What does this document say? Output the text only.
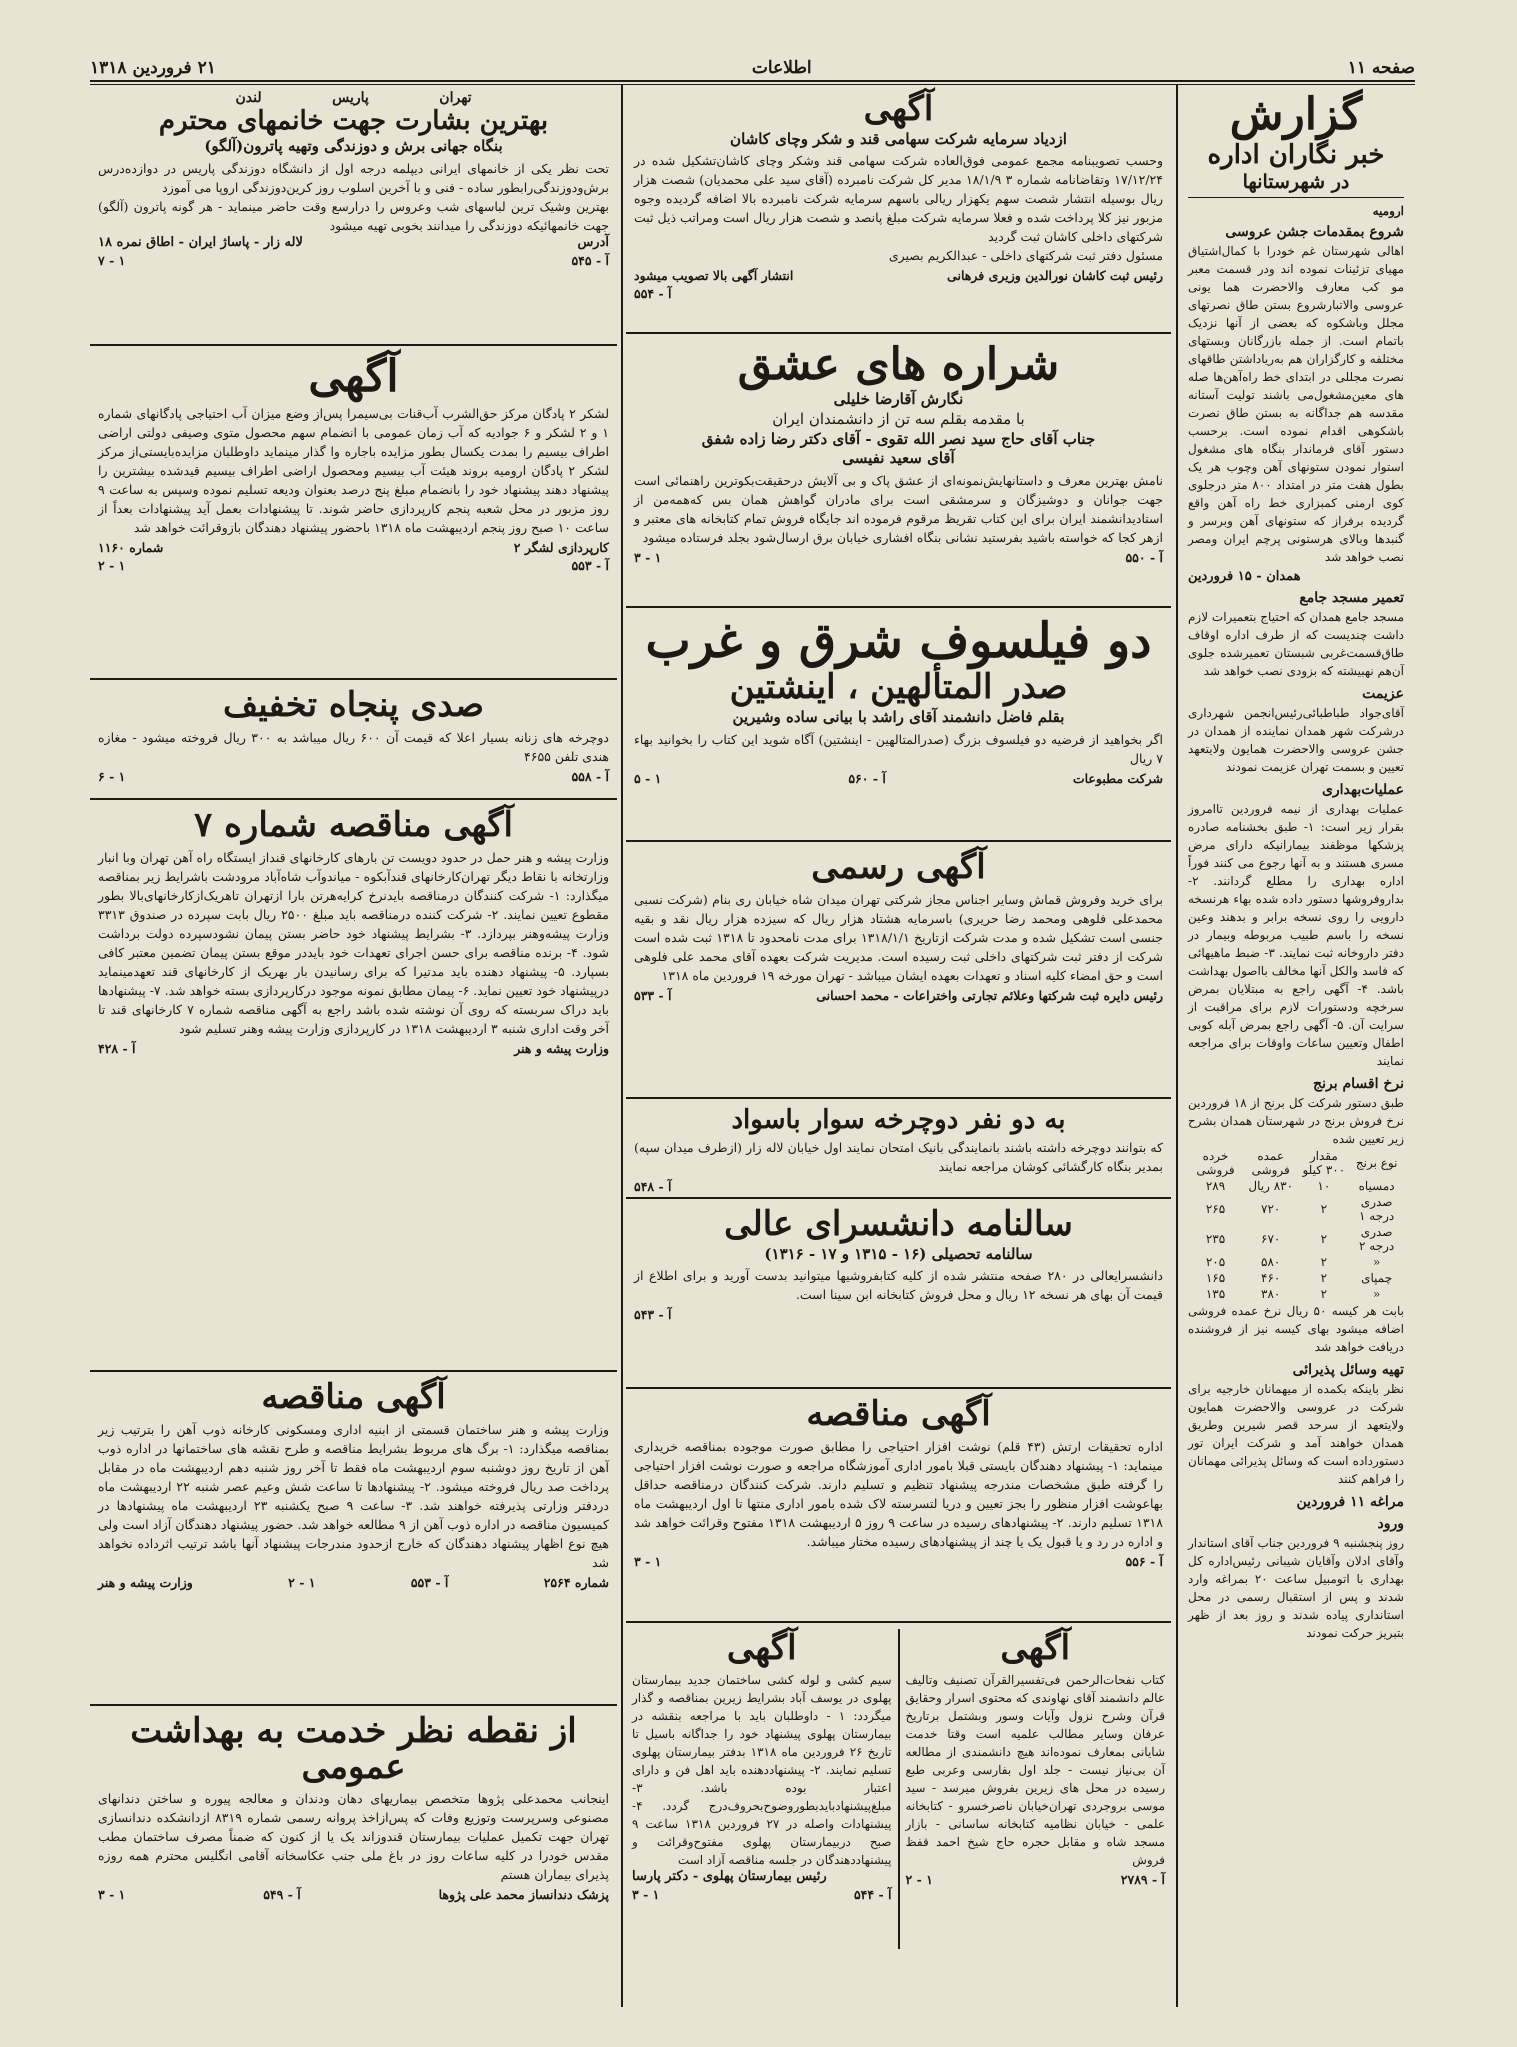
صفحه ۱۱
اطلاعات
۲۱ فروردین ۱۳۱۸
گزارش
خبر نگاران اداره
در شهرستانها
ارومیه
شروع بمقدمات جشن عروسی

اهالی شهرستان غم خودرا با کمال‌اشتیاق مهیای تزئینات نموده اند ودر قسمت معبر مو کب معارف والاحضرت هما یونی عروسی والاتبارشروع بستن طاق نصرتهای مجلل وباشکوه که بعضی از آنها نزدیک باتمام است. از جمله بازرگانان وبستهای مختلفه و کارگزاران هم به‌ریاداشتن طاقهای نصرت مجللی در ابتدای خط راه‌آهن‌ها صله های معین‌مشغول‌می باشند تولیت آستانه مقدسه هم جداگانه به بستن طاق نصرت باشکوهی اقدام نموده است. برحسب دستور آقای فرماندار بنگاه های مشغول استوار نمودن ستونهای آهن وچوب هر یک بطول هفت متر در امتداد ۸۰۰ متر درجلوی کوی ارمنی کمبزاری خط راه آهن واقع گردیده برفراز که ستونهای آهن وبرسر و گنبدها وبالای هرستونی پرچم ایران ومصر نصب خواهد شد

همدان - ۱۵ فروردین
تعمیر مسجد جامع

مسجد جامع همدان که احتیاج بتعمیرات لازم داشت چندیست که از طرف اداره اوقاف طاق‌قسمت‌غربی شبستان تعمیرشده جلوی آن‌هم نهبیشته که بزودی نصب خواهد شد

عزیمت

آقای‌جواد طباطبائی‌رئیس‌انجمن شهرداری درشرکت شهر همدان نماینده از همدان در جشن عروسی والاحضرت همایون ولایتعهد تعیین و بسمت تهران عزیمت نمودند

عملیات‌بهداری

عملیات بهداری از نیمه فروردین تاامروز بقرار زیر است: ۱- طبق بخشنامه صادره پزشکها موظفند بیمارانیکه دارای مرض مسری هستند و به آنها رجوع می کنند فوراً اداره بهداری را مطلع گردانند. ۲- بداروفروشها دستور داده شده بهاء هرنسخه دارویی را روی نسخه برابر و بدهند وعین نسخه را باسم طبیب مربوطه وبیمار در دفتر داروخانه ثبت نمایند. ۳- ضبط ماهیهائی که فاسد والکل آنها مخالف بااصول بهداشت باشد. ۴- آگهی راجع به مبتلایان بمرض سرخچه ودستورات لازم برای مراقبت از سرایت آن. ۵- آگهی راجع بمرض آبله کوبی اطفال وتعیین ساعات واوقات برای مراجعه نمایند

نرخ اقسام برنج

طبق دستور شرکت کل برنج از ۱۸ فروردین نرخ فروش برنج در شهرستان همدان بشرح زیر تعیین شده

نوع برنج	مقدار ۳۰۰ کیلو	عمده فروشی	خرده فروشی
دمسیاه	۱۰	۸۳۰ ریال	۲۸۹
صدری درجه ۱	۲	۷۲۰	۲۶۵
صدری درجه ۲	۲	۶۷۰	۲۳۵
«	۲	۵۸۰	۲۰۵
چمپای	۲	۴۶۰	۱۶۵
«	۲	۳۸۰	۱۳۵

بابت هر کیسه ۵۰ ریال نرخ عمده فروشی اضافه میشود بهای کیسه نیز از فروشنده دریافت خواهد شد

تهیه وسائل پذیرائی

نظر باینکه بکمده از میهمانان خارجیه برای شرکت در عروسی والاحضرت همایون ولایتعهد از سرحد قصر شیرین وطریق همدان خواهند آمد و شرکت ایران تور دستورداده است که وسائل پذیرائی مهمانان را فراهم کنند

مراغه ۱۱ فروردین
ورود

روز پنجشنبه ۹ فروردین جناب آقای استاندار وآقای ادلان وآقایان شیبانی رئیس‌اداره کل بهداری با اتومبیل ساعت ۲۰ بمراغه وارد شدند و پس از استقبال رسمی در محل استانداری پیاده شدند و روز بعد از ظهر بتبریز حرکت نمودند

آگهی
ازدیاد سرمایه شرکت سهامی قند و شکر وچای کاشان

وحسب تصویبنامه مجمع عمومی فوق‌العاده شرکت سهامی قند وشکر وچای کاشان‌تشکیل شده در ۱۷/۱۲/۲۴ وتقاضانامه شماره ۳ ۱۸/۱/۹ مدیر کل شرکت نامبرده (آقای سید علی محمدیان) شصت هزار ریال بوسیله انتشار شصت سهم یکهزار ریالی باسهم سرمایه شرکت نامبرده بالا اضافه گردیده وجوه مزبور نیز کلا پرداخت شده و فعلا سرمایه شرکت مبلغ پانصد و شصت هزار ریال است ومراتب ذیل ثبت شرکتهای داخلی کاشان ثبت گردید

مسئول دفتر ثبت شرکتهای داخلی - عبدالکریم بصیری

رئیس ثبت کاشان نورالدین وزیری فرهانی
انتشار آگهی بالا تصویب میشود
آ - ۵۵۴
شراره های عشق
نگارش آقارضا خلیلی
با مقدمه بقلم سه تن از دانشمندان ایران
جناب آقای حاج سید نصر الله تقوی - آقای دکتر رضا زاده شفق
آقای سعید نفیسی

نامش بهترین معرف و داستانهایش‌نمونه‌ای از عشق پاک و بی آلایش درحقیقت‌بکوترین راهنمائی است جهت جوانان و دوشیزگان و سرمشقی است برای مادران گواهش همان بس که‌همه‌من از استادیدانشمند ایران برای این کتاب تقریظ مرقوم فرموده اند جا‌یگاه فروش تمام کتابخانه های معتبر و ازهر کجا که خواسته باشید بفرستید نشانی بنگاه افشاری خیابان برق ارسال‌شود بجلد فرستاده میشود

آ - ۵۵۰
۱ - ۳
دو فیلسوف شرق و غرب
صدر المتألهین ، اینشتین
بقلم فاضل دانشمند آقای راشد با بیانی ساده وشیرین

اگر بخواهید از فرضیه دو فیلسوف بزرگ (صدرالمتالهین - اینشتین) آگاه شوید این کتاب را بخوانید بهاء ۷ ریال

شرکت مطبوعات
آ - ۵۶۰
۱ - ۵
آگهی رسمی

برای خرید وفروش قماش وسایر اجناس مجاز شرکتی تهران میدان شاه خیابان ری بنام (شرکت نسبی محمدعلی فلوهی ومحمد رضا حریری) باسرمایه هشتاد هزار ریال که سیزده هزار ریال نقد و بقیه جنسی است تشکیل شده و مدت شرکت ازتاریخ ۱۳۱۸/۱/۱ برای مدت نامحدود تا ۱۳۱۸ ثبت شده است شرکت از دفتر ثبت شرکتهای داخلی ثبت رسیده است. مدیریت شرکت بعهده آقای محمد علی فلوهی است و حق امضاء کلیه اسناد و تعهدات بعهده ایشان میباشد - تهران مورخه ۱۹ فروردین ماه ۱۳۱۸

رئیس دایره ثبت شرکتها وعلائم تجارتی واختراعات - محمد احسانی
آ - ۵۳۳
به دو نفر دوچرخه سوار باسواد

که بتوانند دوچرخه داشته باشند بانمایندگی بانیک امتحان نمایند اول خیابان لاله زار (ازطرف میدان سپه) بمدیر بنگاه کارگشائی کوشان مراجعه نمایند

آ - ۵۴۸
سالنامه دانشسرای عالی
سالنامه تحصیلی (۱۶ - ۱۳۱۵ و ۱۷ - ۱۳۱۶)

دانشسرایعالی در ۲۸۰ صفحه منتشر شده از کلیه کتابفروشیها میتوانید بدست آورید و برای اطلاع از قیمت آن بهای هر نسخه ۱۲ ریال و محل فروش کتابخانه ابن سینا است.

آ - ۵۴۳
آگهی مناقصه

اداره تحقیقات ارتش (۴۳ قلم) نوشت افزار احتیاجی را مطابق صورت موجوده بمناقصه خریداری مینماید: ۱- پیشنهاد دهندگان بایستی قبلا بامور اداری آموزشگاه مراجعه و صورت نوشت افزار احتیاجی را گرفته طبق مشخصات مندرجه پیشنهاد تنظیم و تسلیم دارند. شرکت کنندگان درمناقصه حداقل بهاعوشت افزار منظور را بجز تعیین و دریا لتسرسته لاک شده بامور اداری منتها تا اول اردیبهشت ماه ۱۳۱۸ تسلیم دارند. ۲- پیشنهادهای رسیده در ساعت ۹ روز ۵ اردیبهشت ۱۳۱۸ مفتوح وقرائت خواهد شد و اداره در رد و یا قبول یک یا چند از پیشنهادهای رسیده مختار میباشد.

آ - ۵۵۶
۱ - ۳
آگهی

کتاب نفحات‌الرحمن فی‌تفسیرالقرآن تصنیف وتالیف عالم دانشمند آقای نهاوندی که محتوی اسرار وحقایق قرآن وشرح نزول وآیات وسور وبشتمل برتاریخ عرفان وسایر مطالب علمیه است وقتا خدمت شایانی بمعارف نموده‌اند هیچ دانشمندی از مطالعه آن بی‌نیاز نیست - جلد اول بفارسی وعربی طبع رسیده در محل های زیرین بفروش میرسد - سید موسی بروجردی تهران‌خیابان ناصرخسرو - کتابخانه علمی - خیابان نظامیه کتابخانه ساسانی - بازار مسجد شاه و مقابل حجره حاج شیخ احمد قفظ فروش

آ - ۲۷۸۹
۱ - ۲
آگهی

سیم کشی و لوله کشی ساختمان جدید بیمارستان پهلوی در یوسف آباد بشرایط زیرین بمناقصه و گذار میگردد: ۱ - داوطلبان باید با مراجعه بنقشه در بیمارستان پهلوی پیشنهاد خود را جداگانه باسیل تا تاریخ ۲۶ فروردین ماه ۱۳۱۸ بدفتر بیمارستان پهلوی تسلیم نمایند. ۲- پیشنهاددهنده باید اهل فن و دارای اعتبار بوده باشد. ۳- مبلغ‌پیشنهادباید‌بطوروضوح‌بحروف‌درج گردد. ۴- پیشنهادات واصله در ۲۷ فروردین ۱۳۱۸ ساعت ۹ صبح دربیمارستان پهلوی مفتوح‌وقرائت و پیشنهاددهندگان در جلسه مناقصه آزاد است

رئیس بیمارستان پهلوی - دکتر پارسا
آ - ۵۴۴
۱ - ۳
تهران
پاریس
لندن
بهترین بشارت جهت خانمهای محترم
بنگاه جهانی برش و دوزندگی وتهیه پاترون(آلگو)

تحت نظر یکی از خانمهای ایرانی دیپلمه درجه اول از دانشگاه دوزندگی پاریس در دوازده‌درس برش‌ودوزندگی‌را‌بطور ساده - فنی و با آخرین اسلوب روز کرین‌دوزندگی اروپا می آموزد

بهترین وشیک ترین لباسهای شب وعروس را درارسع وقت حاضر مینماید - هر گونه پاترون (آلگو) جهت خانمهائیکه دوزندگی را میدانند بخوبی تهیه میشود

آدرس
لاله زار - پاساژ ایران - اطاق نمره ۱۸
آ - ۵۴۵
۱ - ۷
آگهی

لشکر ۲ پادگان مرکز حق‌الشرب آب‌قنات بی‌سیمرا پس‌از وضع میزان آب احتیاجی پادگانهای شماره ۱ و ۲ لشکر و ۶ جوادیه که آب زمان عمومی با انضمام سهم محصول متوی وصیفی دولتی اراضی اطراف بیسیم را بمدت یکسال بطور مزایده باجاره وا گذار مینماید داوطلبان مزایده‌بایستی‌از مرکز لشکر ۲ پادگان ارومیه بروند هیئت آب بیسیم ومحصول اراضی اطراف بیسیم قیدشده بیشترین را پیشنهاد دهند پیشنهاد خود را بانضمام مبلغ پنج درصد بعنوان ودیعه تسلیم نموده وسپس به ساعت ۹ روز مزبور در محل شعبه پنجم کارپردازی حاضر شوند. تا پیشنهادات بعمل آید پیشنهادات بعداً از ساعت ۱۰ صبح روز پنجم اردیبهشت ماه ۱۳۱۸ باحضور پیشنهاد دهندگان بازوقرائت خواهد شد

کارپردازی لشگر ۲
شماره ۱۱۶۰
آ - ۵۵۳
۱ - ۲
صدی پنجاه تخفیف

دوچرخه های زنانه بسیار اعلا که قیمت آن ۶۰۰ ریال میباشد به ۳۰۰ ریال فروخته میشود - مغازه هندی تلفن ۴۶۵۵

آ - ۵۵۸
۱ - ۶
آگهی مناقصه شماره ۷

وزارت پیشه و هنر حمل در حدود دویست تن بارهای کارخانهای قنداز ایستگاه راه آهن تهران وبا انبار وزارتخانه با نقاط دیگر تهران‌کارخانهای قند‌آبکوه - میاندوآب شاه‌آباد مرودشت باشرایط زیر بمناقصه میگذارد: ۱- شرکت کنندگان درمناقصه بایدنرخ کرایه‌هرتن بارا ازتهران تاهریک‌ازکارخانهای‌بالا بطور مقطوع تعیین نمایند. ۲- شرکت کننده درمناقصه باید مبلغ ۲۵۰۰ ریال بابت سپرده در صندوق ۳۳۱۳ وزارت پیشه‌وهنر بپردازد. ۳- بشرایط پیشنهاد خود حاضر بستن پیمان نشودسپرده دولت برداشت شود. ۴- برنده مناقصه برای حسن اجرای تعهدات خود بایددر موقع بستن پیمان تضمین معتبر کافی بسپارد. ۵- پیشنهاد دهنده باید مدتیرا که برای رسانیدن بار بهریک از کارخانهای قند تعهدمینماید درپیشنهاد خود تعیین نماید. ۶- پیمان مطابق نمونه موجود درکارپردازی بسته خواهد شد. ۷- پیشنهادها باید دراک سربسته که روی آن نوشته شده باشد راجع به آگهی مناقصه شماره ۷ کارخانهای قند تا آخر وقت اداری شنبه ۳ اردیبهشت ۱۳۱۸ در کارپردازی وزارت پیشه وهنر تسلیم شود

وزارت پیشه و هنر
آ - ۴۲۸
آگهی مناقصه

وزارت پیشه و هنر ساختمان قسمتی از ابنیه اداری ومسکونی کارخانه ذوب آهن را بترتیب زیر بمناقصه میگذارد: ۱- برگ های مربوط بشرایط مناقصه و طرح نقشه های ساختمانها در اداره ذوب آهن از تاریخ روز دوشنبه سوم اردیبهشت ماه فقط تا آخر روز شنبه دهم اردیبهشت ماه در مقابل پرداخت صد ریال فروخته میشود. ۲- پیشنهادها تا ساعت شش وعیم عصر شنبه ۲۲ اردیبهشت ماه دردفتر وزارتی پذیرفته خواهند شد. ۳- ساعت ۹ صبح یکشنبه ۲۳ اردیبهشت ماه پیشنهادها در کمیسیون مناقصه در اداره ذوب آهن از ۹ مطالعه خواهد شد. حضور پیشنهاد دهندگان آزاد است ولی هیچ نوع اظهار پیشنهاد دهندگان که خارج ازحدود مندرجات پیشنهاد آنها باشد ترتیب اثرداده نخواهد شد

شماره ۲۵۶۴
آ - ۵۵۳
۱ - ۲
وزارت پیشه و هنر
از نقطه نظر خدمت به بهداشت عمومی

اینجانب محمدعلی پژوها متخصص بیماریهای دهان ودندان و معالجه پیوره و ساختن دندانهای مصنوعی وسرپرست وتوزیع وفات که پس‌ازاخذ پروانه رسمی شماره ۸۳۱۹ ازدانشکده دندانسازی تهران جهت تکمیل عملیات بیمارستان قندوزاند یک یا از کنون که ضمناً مصرف ساختمان مطب مقدس خودرا در کلیه ساعات روز در باغ ملی جنب عکاسخانه آقامی انگلیس محترم همه روزه پذیرای بیماران هستم

پزشک دندانساز محمد علی پژوها
آ - ۵۴۹
۱ - ۳
